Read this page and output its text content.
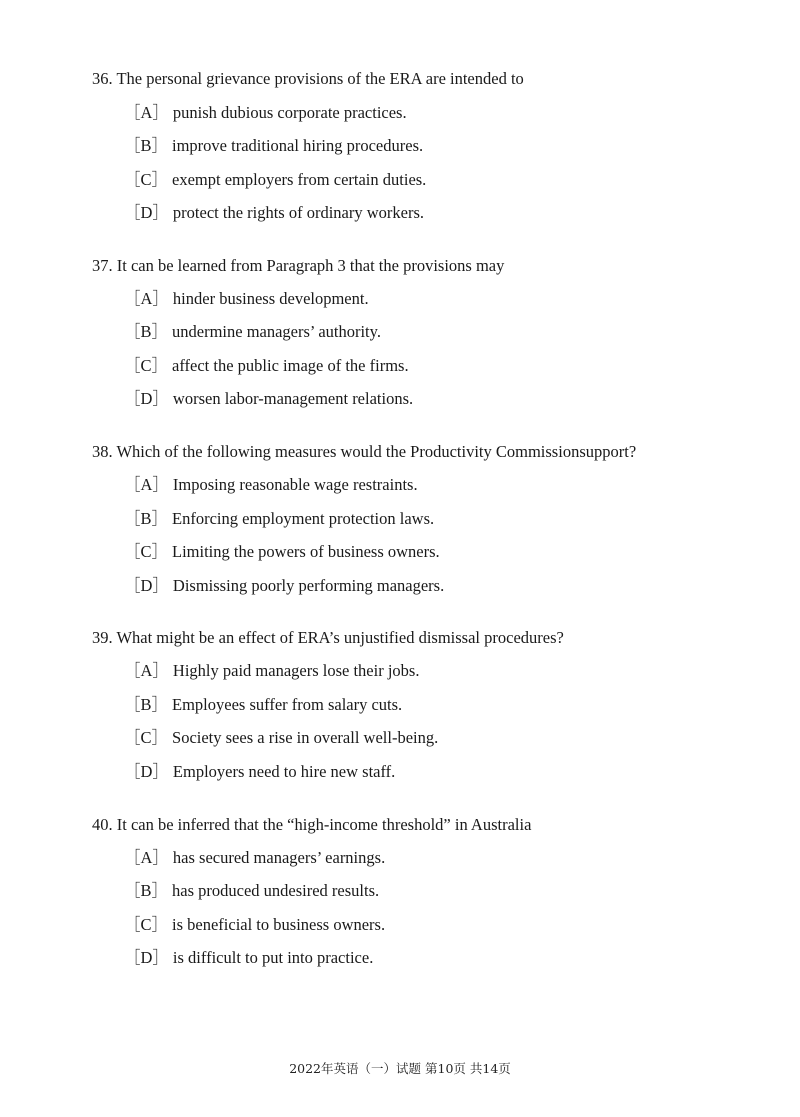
36. The personal grievance provisions of the ERA are intended to
［A］ punish dubious corporate practices.
［B］ improve traditional hiring procedures.
［C］ exempt employers from certain duties.
［D］ protect the rights of ordinary workers.
37. It can be learned from Paragraph 3 that the provisions may
［A］ hinder business development.
［B］ undermine managers’ authority.
［C］ affect the public image of the firms.
［D］ worsen labor-management relations.
38. Which of the following measures would the Productivity Commissionsupport?
［A］ Imposing reasonable wage restraints.
［B］ Enforcing employment protection laws.
［C］ Limiting the powers of business owners.
［D］ Dismissing poorly performing managers.
39. What might be an effect of ERA’s unjustified dismissal procedures?
［A］ Highly paid managers lose their jobs.
［B］ Employees suffer from salary cuts.
［C］ Society sees a rise in overall well-being.
［D］ Employers need to hire new staff.
40. It can be inferred that the “high-income threshold” in Australia
［A］ has secured managers’ earnings.
［B］ has produced undesired results.
［C］ is beneficial to business owners.
［D］ is difficult to put into practice.
2022年英语（一）试题 第10页 共14页
